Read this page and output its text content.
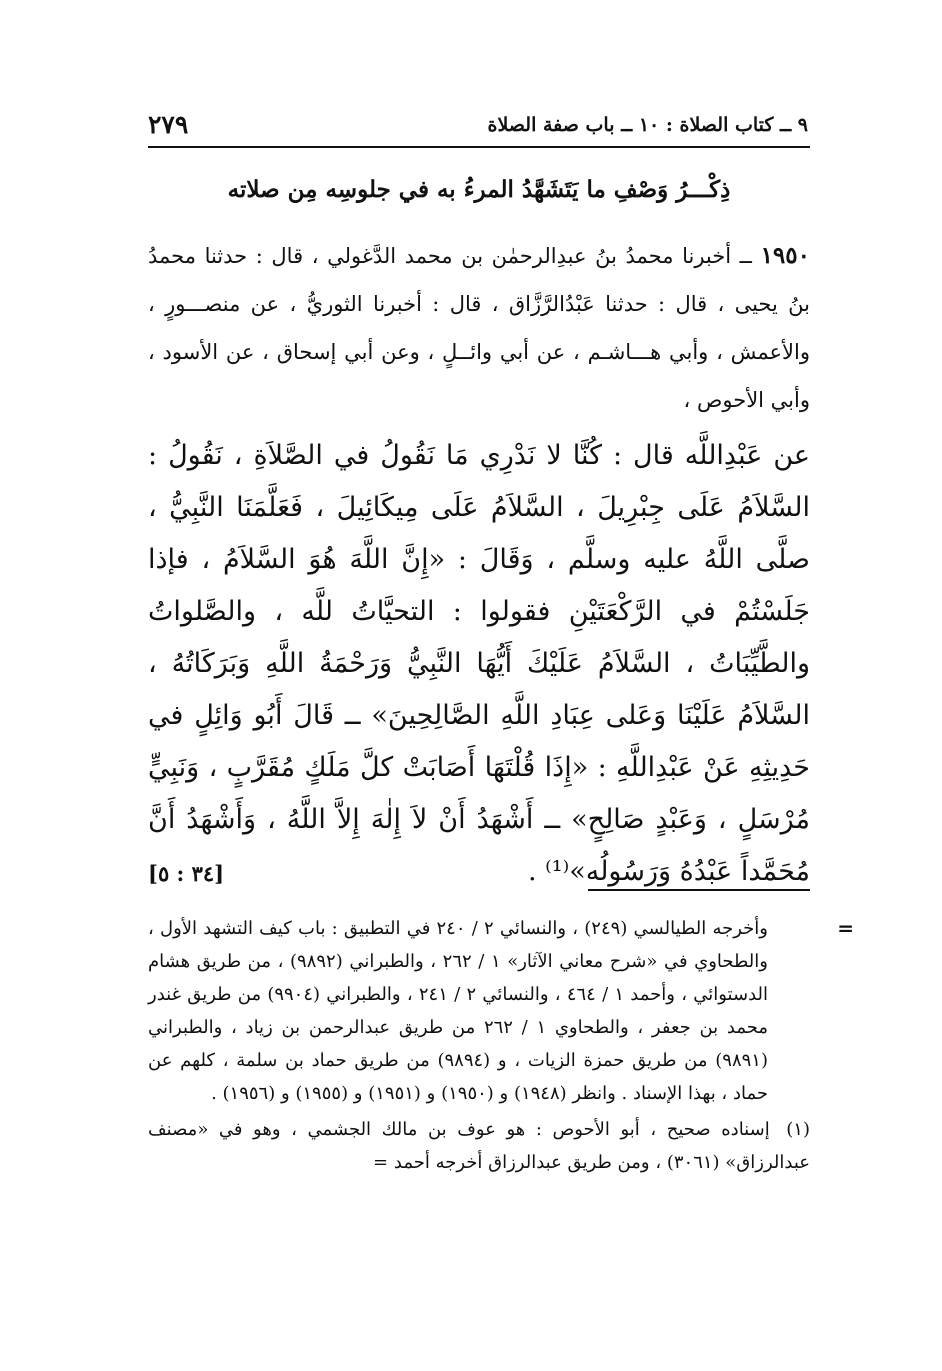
٩ ــ كتاب الصلاة : ١٠ ــ باب صفة الصلاة
٢٧٩
ذِكْـــرُ وَصْفِ ما يَتَشَهَّدُ المرءُ به في جلوسِه مِن صلاته
١٩٥٠ ــ أخبرنا محمدُ بنُ عبدِالرحمٰن بن محمد الدَّغولي ، قال : حدثنا محمدُ بنُ يحيى ، قال : حدثنا عَبْدُالرَّزَّاق ، قال : أخبرنا الثوريُّ ، عن منصـــورٍ ، والأعمش ، وأبي هـــاشـم ، عن أبي وائــلٍ ، وعن أبي إسحاق ، عن الأسود ، وأبي الأحوص ،

عن عَبْدِاللَّه قال : كُنَّا لا نَدْرِي مَا نَقُولُ في الصَّلاَةِ ، نَقُولُ : السَّلاَمُ عَلَى جِبْرِيلَ ، السَّلاَمُ عَلَى مِيكَائِيلَ ، فَعَلَّمَنَا النَّبِيُّ ، صلَّى اللَّهُ عليه وسلَّم ، وَقَالَ : «إِنَّ اللَّهَ هُوَ السَّلاَمُ ، فإذا جَلَسْتُمْ في الرَّكْعَتَيْنِ فقولوا : التحيَّاتُ للَّه ، والصَّلواتُ والطَّيِّبَاتُ ، السَّلاَمُ عَلَيْكَ أَيُّهَا النَّبِيُّ وَرَحْمَةُ اللَّهِ وَبَرَكَاتُهُ ، السَّلاَمُ عَلَيْنَا وَعَلى عِبَادِ اللَّهِ الصَّالِحِينَ» ــ قَالَ أَبُو وَائِلٍ في حَدِيثِهِ عَنْ عَبْدِاللَّهِ : «إِذَا قُلْتَهَا أَصَابَتْ كلَّ مَلَكٍ مُقَرَّبٍ ، وَنَبِيٍّ مُرْسَلٍ ، وَعَبْدٍ صَالِحٍ» ــ أَشْهَدُ أَنْ لاَ إِلٰهَ إِلاَّ اللَّهُ ، وَأَشْهَدُ أَنَّ مُحَمَّداً عَبْدُهُ وَرَسُولُه»⁽¹⁾ .
[٣٤ : ٥]

=
وأخرجه الطيالسي (٢٤٩) ، والنسائي ٢ / ٢٤٠ في التطبيق : باب كيف التشهد الأول ، والطحاوي في «شرح معاني الآثار» ١ / ٢٦٢ ، والطبراني (٩٨٩٢) ، من طريق هشام الدستوائي ، وأحمد ١ / ٤٦٤ ، والنسائي ٢ / ٢٤١ ، والطبراني (٩٩٠٤) من طريق غندر محمد بن جعفر ، والطحاوي ١ / ٢٦٢ من طريق عبدالرحمن بن زياد ، والطبراني (٩٨٩١) من طريق حمزة الزيات ، و (٩٨٩٤) من طريق حماد بن سلمة ، كلهم عن حماد ، بهذا الإسناد . وانظر (١٩٤٨) و (١٩٥٠) و (١٩٥١) و (١٩٥٥) و (١٩٥٦) .
(١) إسناده صحيح ، أبو الأحوص : هو عوف بن مالك الجشمي ، وهو في «مصنف عبدالرزاق» (٣٠٦١) ، ومن طريق عبدالرزاق أخرجه أحمد =
